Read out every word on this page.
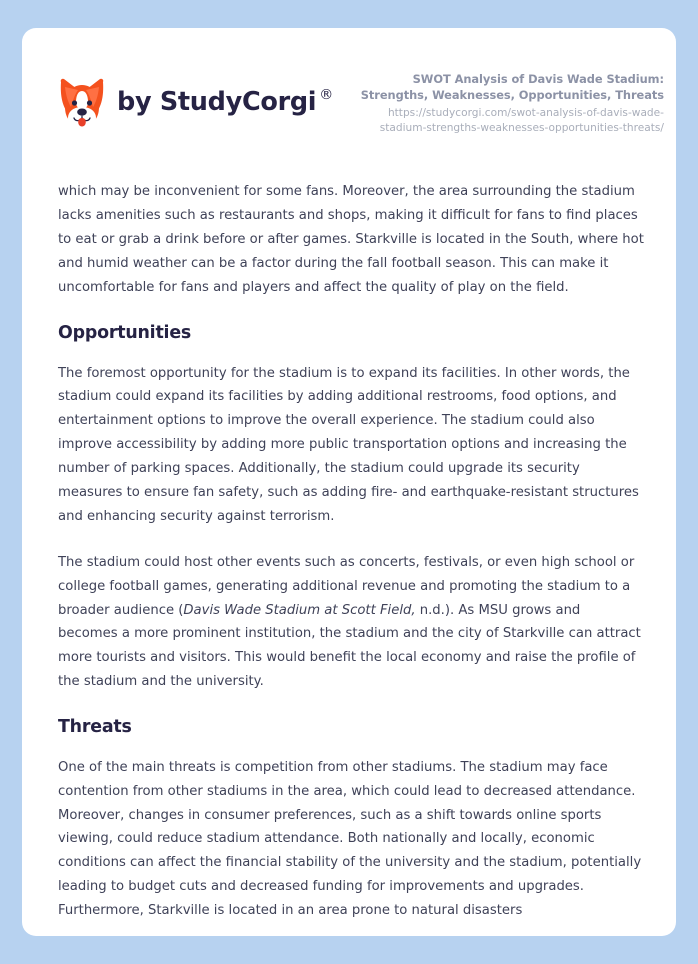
by StudyCorgi ®
SWOT Analysis of Davis Wade Stadium: Strengths, Weaknesses, Opportunities, Threats
https://studycorgi.com/swot-analysis-of-davis-wade-stadium-strengths-weaknesses-opportunities-threats/

which may be inconvenient for some fans. Moreover, the area surrounding the stadium lacks amenities such as restaurants and shops, making it difficult for fans to find places to eat or grab a drink before or after games. Starkville is located in the South, where hot and humid weather can be a factor during the fall football season. This can make it uncomfortable for fans and players and affect the quality of play on the field.

Opportunities

The foremost opportunity for the stadium is to expand its facilities. In other words, the stadium could expand its facilities by adding additional restrooms, food options, and entertainment options to improve the overall experience. The stadium could also improve accessibility by adding more public transportation options and increasing the number of parking spaces. Additionally, the stadium could upgrade its security measures to ensure fan safety, such as adding fire- and earthquake-resistant structures and enhancing security against terrorism.

The stadium could host other events such as concerts, festivals, or even high school or college football games, generating additional revenue and promoting the stadium to a broader audience (Davis Wade Stadium at Scott Field, n.d.). As MSU grows and becomes a more prominent institution, the stadium and the city of Starkville can attract more tourists and visitors. This would benefit the local economy and raise the profile of the stadium and the university.

Threats

One of the main threats is competition from other stadiums. The stadium may face contention from other stadiums in the area, which could lead to decreased attendance. Moreover, changes in consumer preferences, such as a shift towards online sports viewing, could reduce stadium attendance. Both nationally and locally, economic conditions can affect the financial stability of the university and the stadium, potentially leading to budget cuts and decreased funding for improvements and upgrades. Furthermore, Starkville is located in an area prone to natural disasters
